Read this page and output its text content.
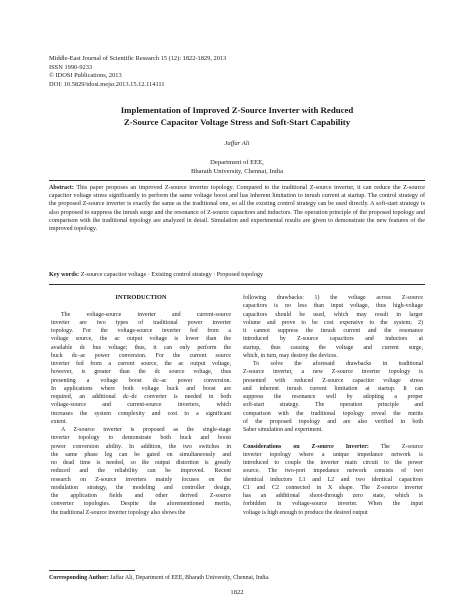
Middle-East Journal of Scientific Research 15 (12): 1822-1829, 2013
ISSN 1990-9233
© IDOSI Publications, 2013
DOI: 10.5829/idosi.mejsr.2013.15.12.114111
Implementation of Improved Z-Source Inverter with Reduced
Z-Source Capacitor Voltage Stress and Soft-Start Capability
Jaffar Ali
Department of EEE,
Bharath University, Chennai, India
Abstract: This paper proposes an improved Z-source inverter topology. Compared to the traditional Z-source inverter, it can reduce the Z-source capacitor voltage stress significantly to perform the same voltage boost and has inherent limitation to inrush current at startup. The control strategy of the proposed Z-source inverter is exactly the same as the traditional one, so all the existing control strategy can be used directly. A soft-start strategy is also proposed to suppress the inrush surge and the resonance of Z-source capacitors and inductors. The operation principle of the proposed topology and comparison with the traditional topology are analyzed in detail. Simulation and experimental results are given to demonstrate the new features of the improved topology.
Key words: Z-source capacitor voltage · Existing control strategy · Proposed topology
INTRODUCTION
The voltage-source inverter and current-source
inverter are two types of traditional power inverter
topology. For the voltage-source inverter fed from a
voltage source, the ac output voltage is lower than the
available dc bus voltage; thus, it can only perform the
buck dc–ac power conversion. For the current source
inverter fed from a current source, the ac output voltage,
however, is greater than the dc source voltage, thus
presenting a voltage boost dc–ac power conversion.
In applications where both voltage buck and boost are
required, an additional dc–dc converter is needed in both
voltage-source and current-source inverters, which
increases the system complexity and cost to a significant
extent.
A Z-source inverter is proposed as the single-stage
inverter topology to demonstrate both buck and boost
power conversion ability. In addition, the two switches in
the same phase leg can be gated on simultaneously and
no dead time is needed, so the output distortion is greatly
reduced and the reliability can be improved. Recent
research on Z-source inverters mainly focuses on the
modulation strategy, the modeling and controller design,
the application fields and other derived Z-source
converter topologies. Despite the aforementioned merits,
the traditional Z-source inverter topology also shows the
following drawbacks: 1) the voltage across Z-source
capacitors is no less than input voltage, thus high-voltage
capacitors should be used, which may result in larger
volume and prove to be cost expensive to the system; 2)
it cannot suppress the inrush current and the resonance
introduced by Z-source capacitors and inductors at
startup, thus causing the voltage and current surge,
which, in turn, may destroy the devices.
To solve the aforesaid drawbacks in traditional
Z-source inverter, a new Z-source inverter topology is
presented with reduced Z-source capacitor voltage stress
and inherent inrush current limitation at startup. It can
suppress the resonance well by adopting a proper
soft-start strategy. The operation principle and
comparison with the traditional topology reveal the merits
of the proposed topology and are also verified in both
Saber simulation and experiment.
Considerations on Z-source Inverter: The Z-source
inverter topology where a unique impedance network is
introduced to couple the inverter main circuit to the power
source. The two-port impedance network consists of two
identical inductors L1 and L2 and two identical capacitors
C1 and C2 connected in X shape. The Z-source inverter
has an additional shoot-through zero state, which is
forbidden in voltage-source inverter. When the input
voltage is high enough to produce the desired output
Corresponding Author: Jaffar Ali, Department of EEE, Bharath University, Chennai, India.
1822
